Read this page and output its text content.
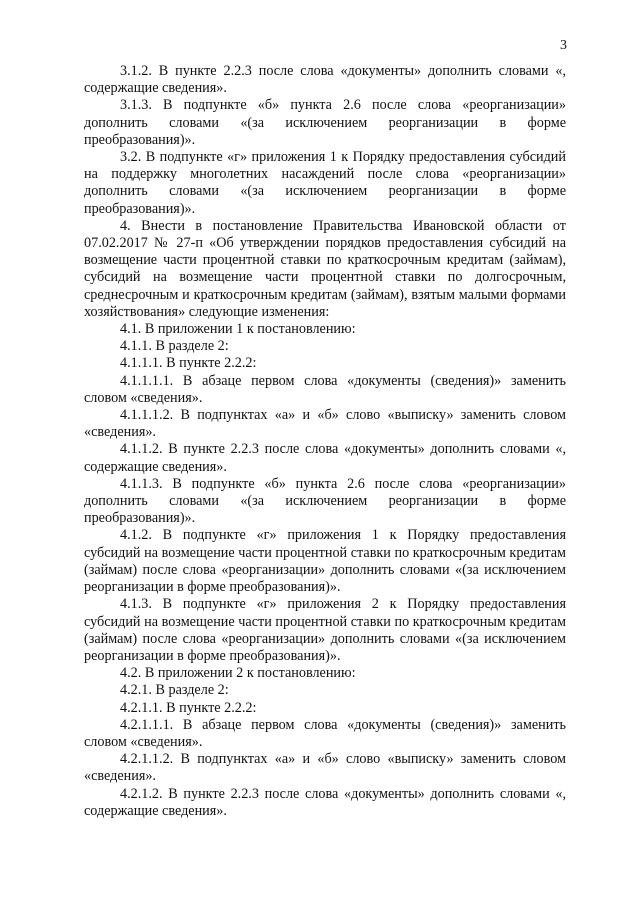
3

3.1.2. В пункте 2.2.3 после слова «документы» дополнить словами «, содержащие сведения».

3.1.3. В подпункте «б» пункта 2.6 после слова «реорганизации» дополнить словами «(за исключением реорганизации в форме преобразования)».

3.2. В подпункте «г» приложения 1 к Порядку предоставления субсидий на поддержку многолетних насаждений после слова «реорганизации» дополнить словами «(за исключением реорганизации в форме преобразования)».

4. Внести в постановление Правительства Ивановской области от 07.02.2017 № 27-п «Об утверждении порядков предоставления субсидий на возмещение части процентной ставки по краткосрочным кредитам (займам), субсидий на возмещение части процентной ставки по долгосрочным, среднесрочным и краткосрочным кредитам (займам), взятым малыми формами хозяйствования» следующие изменения:

4.1. В приложении 1 к постановлению:

4.1.1. В разделе 2:

4.1.1.1. В пункте 2.2.2:

4.1.1.1.1. В абзаце первом слова «документы (сведения)» заменить словом «сведения».

4.1.1.1.2. В подпунктах «а» и «б» слово «выписку» заменить словом «сведения».

4.1.1.2. В пункте 2.2.3 после слова «документы» дополнить словами «, содержащие сведения».

4.1.1.3. В подпункте «б» пункта 2.6 после слова «реорганизации» дополнить словами «(за исключением реорганизации в форме преобразования)».

4.1.2. В подпункте «г» приложения 1 к Порядку предоставления субсидий на возмещение части процентной ставки по краткосрочным кредитам (займам) после слова «реорганизации» дополнить словами «(за исключением реорганизации в форме преобразования)».

4.1.3. В подпункте «г» приложения 2 к Порядку предоставления субсидий на возмещение части процентной ставки по краткосрочным кредитам (займам) после слова «реорганизации» дополнить словами «(за исключением реорганизации в форме преобразования)».

4.2. В приложении 2 к постановлению:

4.2.1. В разделе 2:

4.2.1.1. В пункте 2.2.2:

4.2.1.1.1. В абзаце первом слова «документы (сведения)» заменить словом «сведения».

4.2.1.1.2. В подпунктах «а» и «б» слово «выписку» заменить словом «сведения».

4.2.1.2. В пункте 2.2.3 после слова «документы» дополнить словами «, содержащие сведения».
